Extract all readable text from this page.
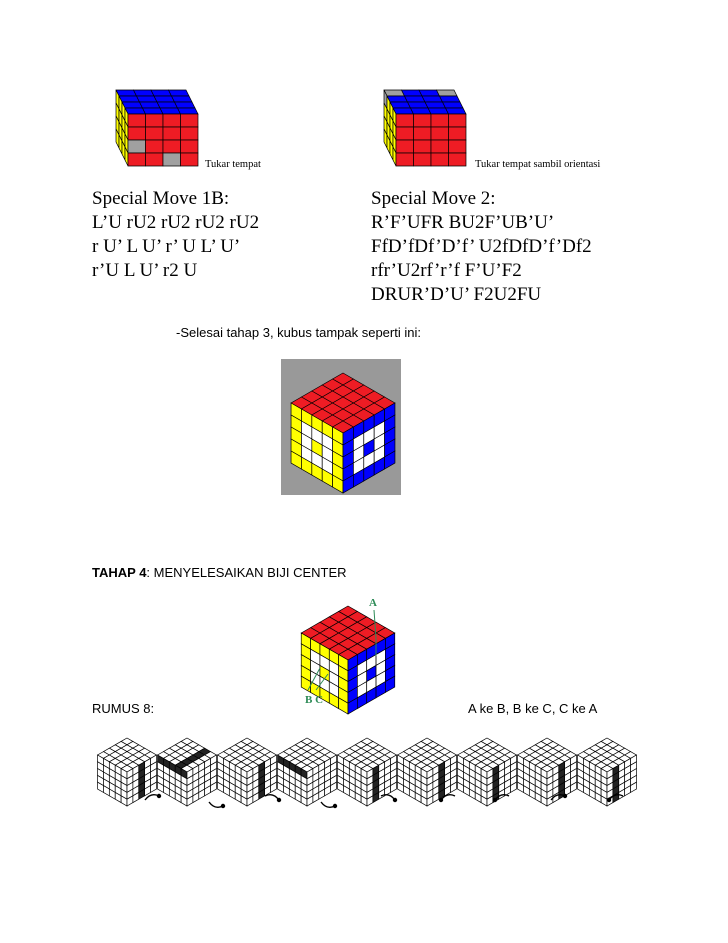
Tukar tempat	Tukar tempat sambil orientasi
Special Move 1B:
L’U rU2 rU2 rU2 rU2
r U’ L U’ r’ U L’ U’
r’U L U’ r2 U
Special Move 2:
R’F’UFR BU2F’UB’U’
FfD’fDf’D’f’ U2fDfD’f’Df2
rfr’U2rf’r’f F’U’F2
DRUR’D’U’ F2U2FU
-Selesai tahap 3, kubus tampak seperti ini:
TAHAP 4: MENYELESAIKAN BIJI CENTER
A
B C
RUMUS 8:	A ke B, B ke C, C ke A
